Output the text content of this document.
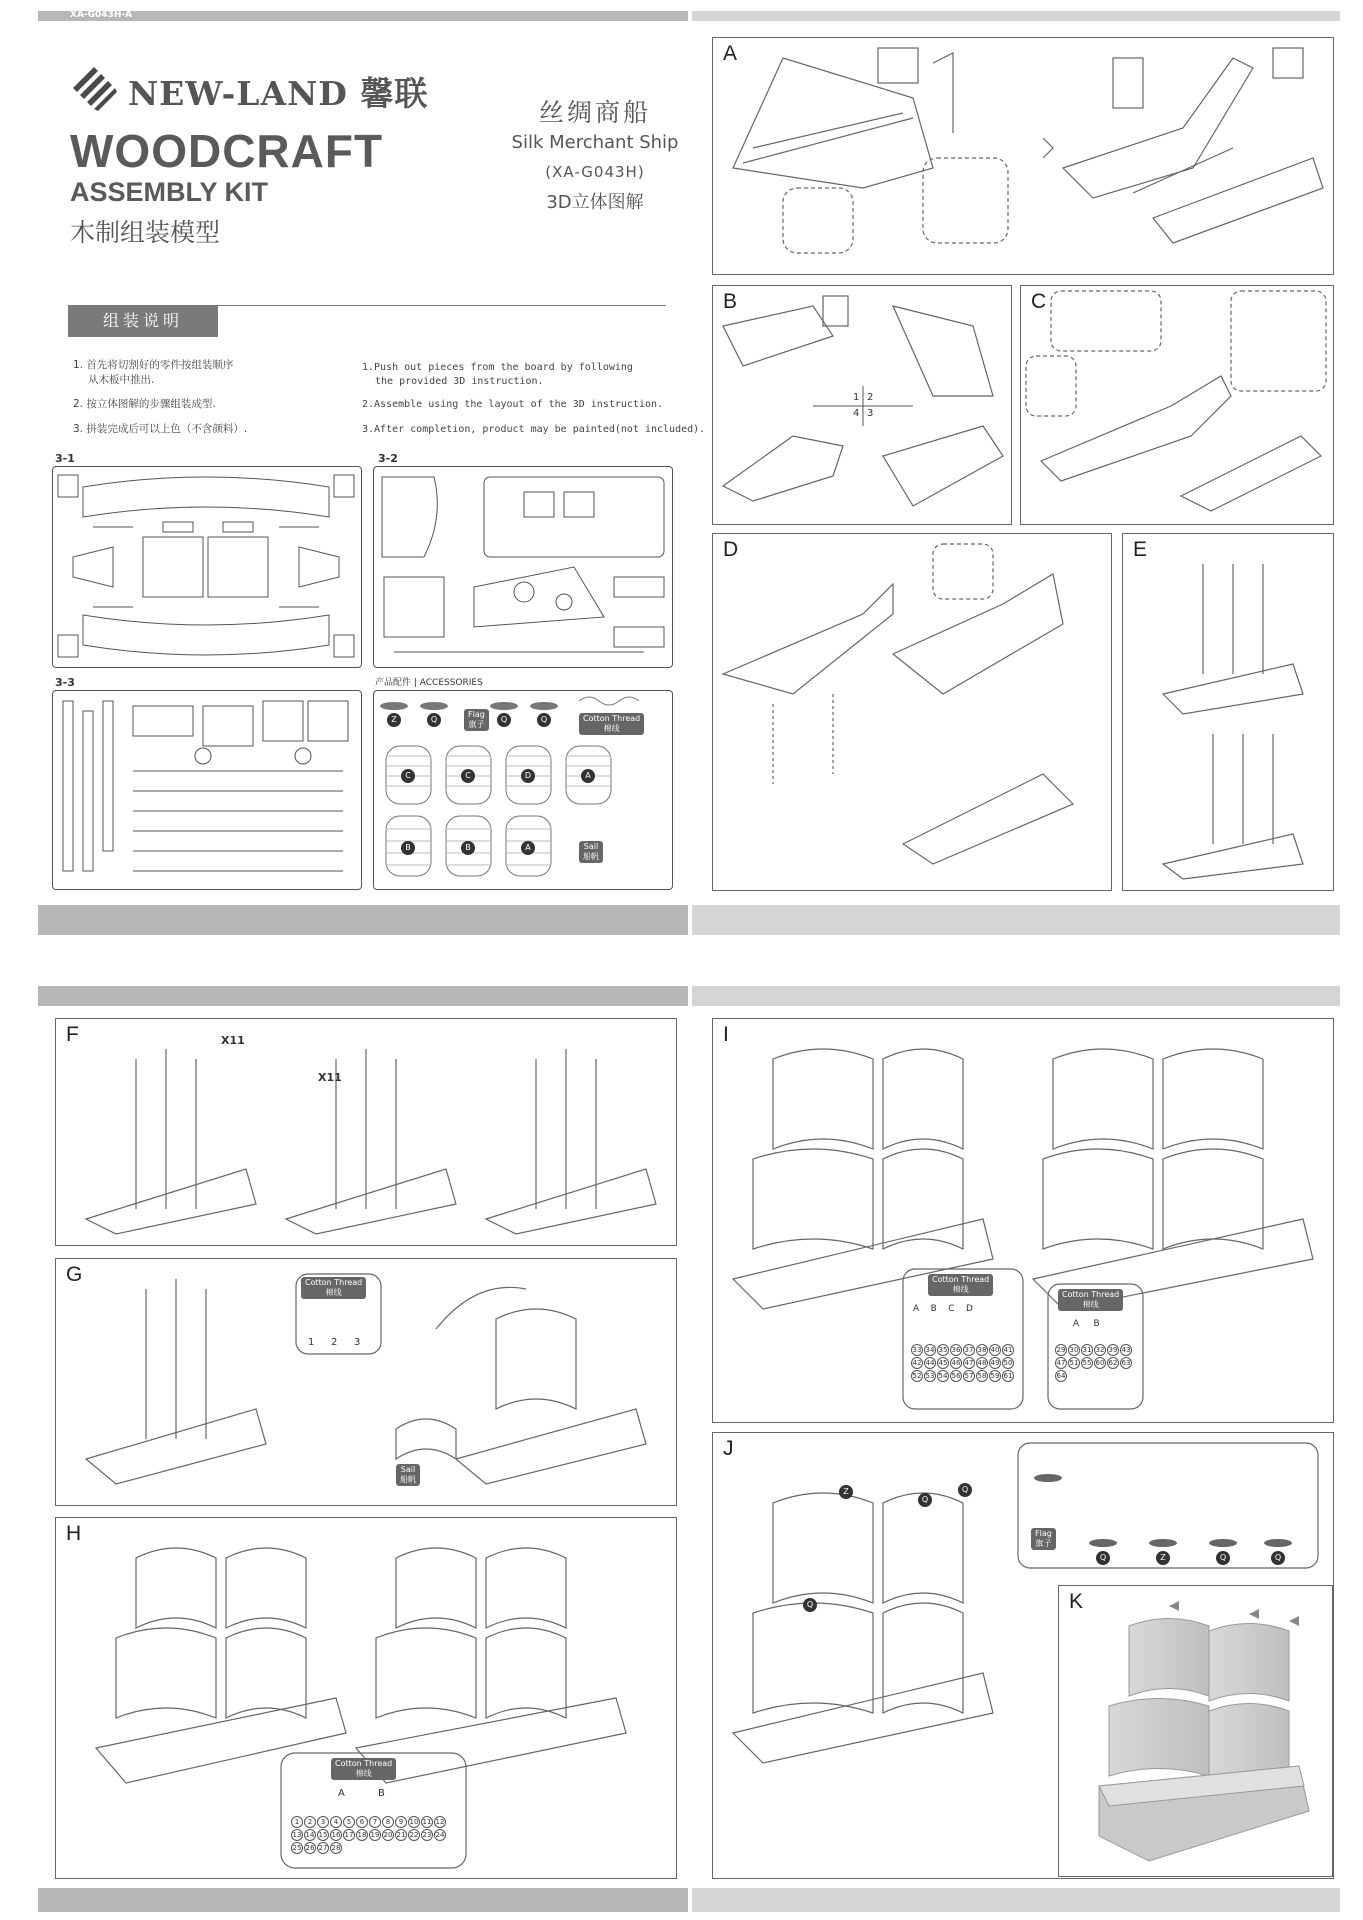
XA-G043H-A
NEW-LAND 馨联
WOODCRAFT
ASSEMBLY KIT
木制组装模型
丝绸商船
Silk Merchant Ship
(XA-G043H)
3D立体图解
组装说明
1. 首先将切割好的零件按组装顺序
从木板中推出.
2. 按立体图解的步骤组装成型.
3. 拼装完成后可以上色（不含颜料）.
1.Push out pieces from the board by following
the provided 3D instruction.
2.Assemble using the layout of the 3D instruction.
3.After completion, product may be painted(not included).
3-1	3-2
3-3	产品配件 | ACCESSORIES
Z	Q
Flag
旗子
Q	Q	Cotton Thread
棉线
C	C	D	A
B	B	A	Sail
船帆
A
B
1 2
4 3
C
D	E
F	X11
X11
G	Cotton Thread
棉线
1 2 3
Sail
船帆
H
Cotton Thread
棉线
A	B
1 2 3 4 5 6 7 8 9 10 11 1213 14 15 16 17 18 19 20 21 22 23 2425 26 27 28
I
Cotton Thread
棉线
Cotton Thread
棉线
A B C D
A B
33 34 35 36 37 38 40 4142 44 45 46 47 48 49 5052 53 54 56 57 58 59 61
29 30 31 32 39 4347 51 55 60 62 6364
J
Z
Q
Q
Q
Flag
旗子
Q	Z	Q	Q
K
